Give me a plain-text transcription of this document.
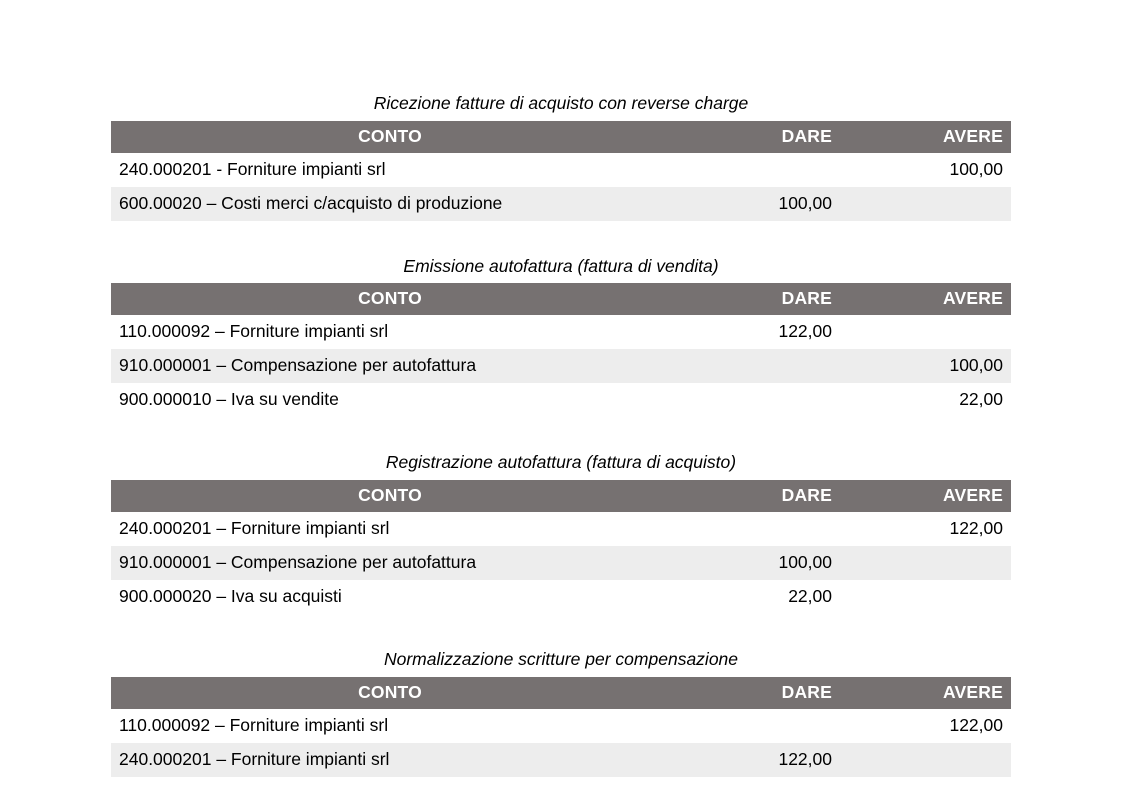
Ricezione fatture di acquisto con reverse charge
CONTO	DARE	AVERE
240.000201 - Forniture impianti srl		100,00
600.00020 – Costi merci c/acquisto di produzione	100,00	
Emissione autofattura (fattura di vendita)
CONTO	DARE	AVERE
110.000092 – Forniture impianti srl	122,00	
910.000001 – Compensazione per autofattura		100,00
900.000010 – Iva su vendite		22,00
Registrazione autofattura (fattura di acquisto)
CONTO	DARE	AVERE
240.000201 – Forniture impianti srl		122,00
910.000001 – Compensazione per autofattura	100,00	
900.000020 – Iva su acquisti	22,00	
Normalizzazione scritture per compensazione
CONTO	DARE	AVERE
110.000092 – Forniture impianti srl		122,00
240.000201 – Forniture impianti srl	122,00	
